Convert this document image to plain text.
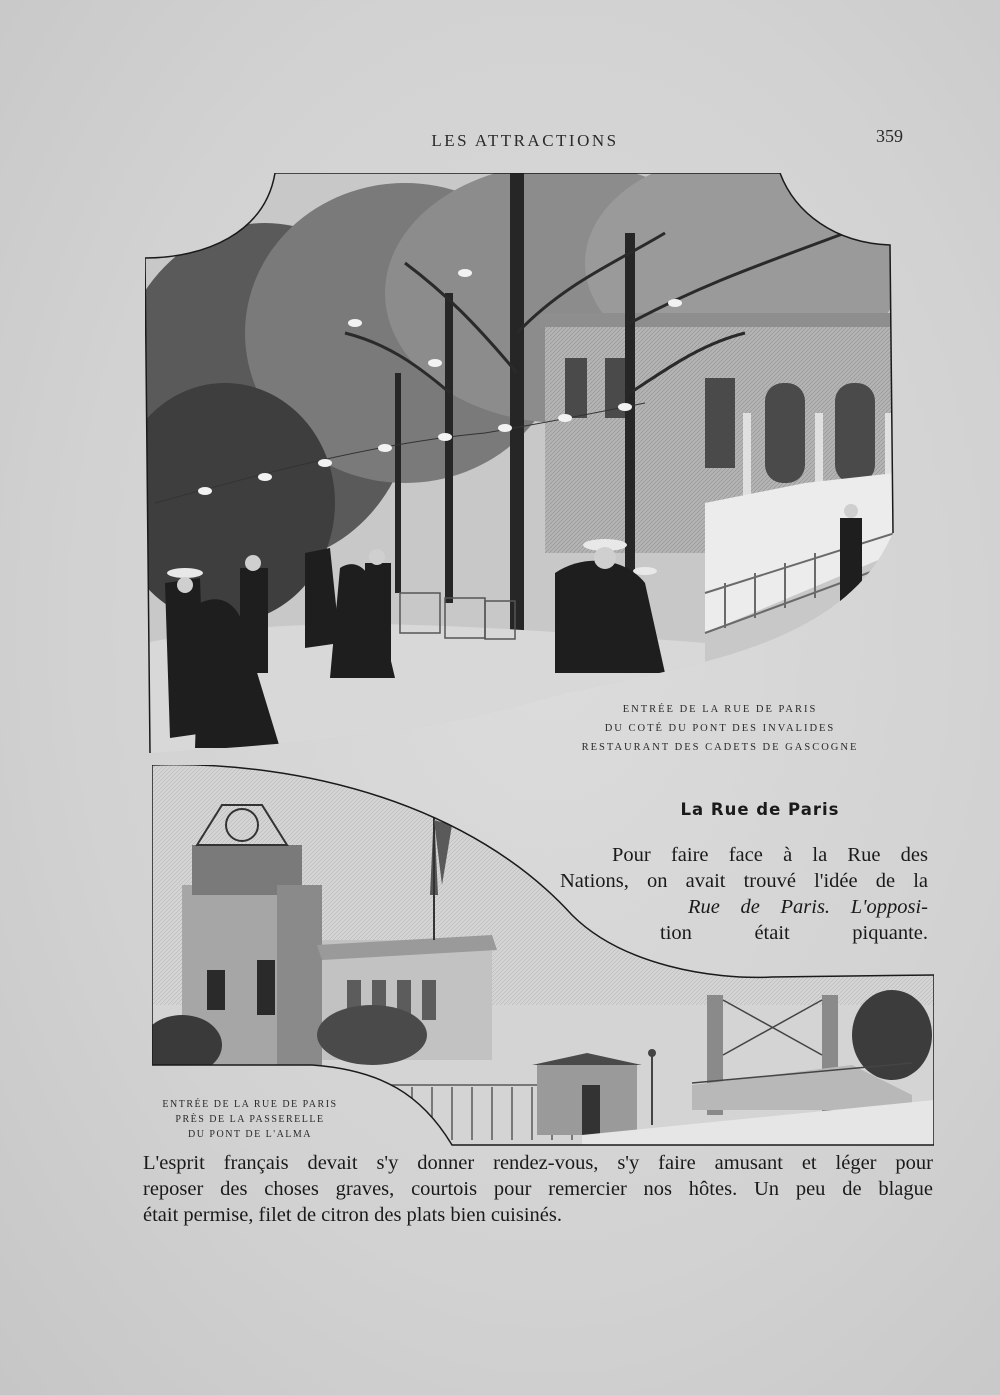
LES ATTRACTIONS	359
ENTRÉE DE LA RUE DE PARIS
DU COTÉ DU PONT DES INVALIDES
RESTAURANT DES CADETS DE GASCOGNE
ENTRÉE DE LA RUE DE PARIS
PRÈS DE LA PASSERELLE
DU PONT DE L'ALMA
La Rue de Paris
Pour faire face à la Rue des
Nations, on avait trouvé l'idée de la
Rue de Paris. L'opposi-
tion était piquante.
L'esprit français devait s'y donner rendez-vous, s'y faire amusant et léger pour
reposer des choses graves, courtois pour remercier nos hôtes. Un peu de blague
était permise, filet de citron des plats bien cuisinés.
